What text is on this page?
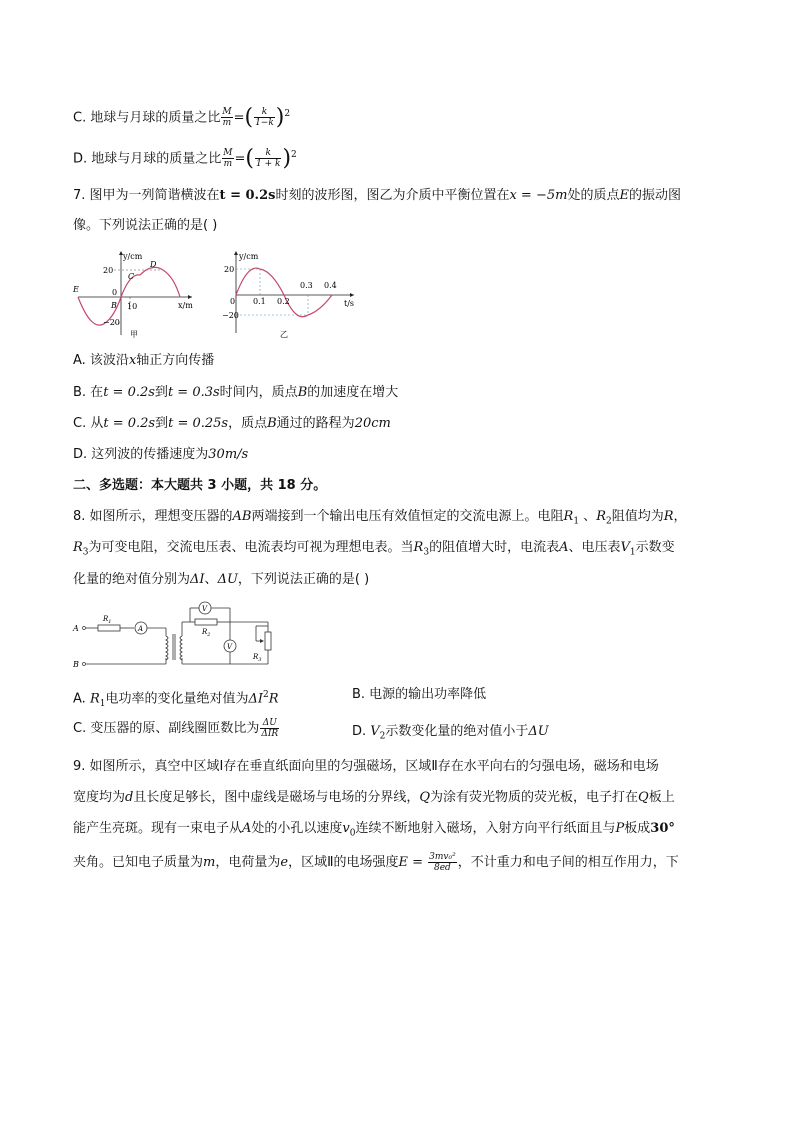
C. 地球与月球的质量之比 $\frac{M}{m}$ =( $\frac{k}{1-k} )^2$
D. 地球与月球的质量之比 $\frac{M}{m}$ =( $\frac{k}{1 + k} )^2$
7. 图甲为一列简谐横波在t = 0.2s时刻的波形图，图乙为介质中平衡位置在x = −5m处的质点E的振动图
像。下列说法正确的是( )
y/cm
x/m
20
−20
0
10
E
B
C
D
甲
y/cm
t/s
20
−20
0 0.1 0.2
0.3 0.4
乙
A. 该波沿x轴正方向传播
B. 在t = 0.2s到t = 0.3s时间内，质点B的加速度在增大
C. 从t = 0.2s到t = 0.25s，质点B通过的路程为20cm
D. 这列波的传播速度为30m/s
二、多选题：本大题共 3 小题，共 18 分。
8. 如图所示，理想变压器的AB两端接到一个输出电压有效值恒定的交流电源上。电阻$R_1$ 、$R_2$阻值均为R，
$R_3$为可变电阻，交流电压表、电流表均可视为理想电表。当$R_3$的阻值增大时，电流表A、电压表$V_1$示数变
化量的绝对值分别为ΔI、ΔU，下列说法正确的是( )
A
B
$R_1$
A	$R_2$
V
V
$R_3$
A. $R_1$电功率的变化量绝对值为$\Delta I^2R$	B. 电源的输出功率降低
C. 变压器的原、副线圈匝数比为 $\frac{\Delta U}{\text{ΔIR}}$	D. $V_2$示数变化量的绝对值小于ΔU
9. 如图所示，真空中区域Ⅰ存在垂直纸面向里的匀强磁场，区域Ⅱ存在水平向右的匀强电场，磁场和电场
宽度均为d且长度足够长，图中虚线是磁场与电场的分界线，Q为涂有荧光物质的荧光板，电子打在Q板上
能产生亮斑。现有一束电子从A处的小孔以速度$v_0$连续不断地射入磁场，入射方向平行纸面且与P板成30°
夹角。已知电子质量为m，电荷量为e，区域Ⅱ的电场强度$E = \frac{\text{3mv₀²}}{8ed}$ ，不计重力和电子间的相互作用力，下
